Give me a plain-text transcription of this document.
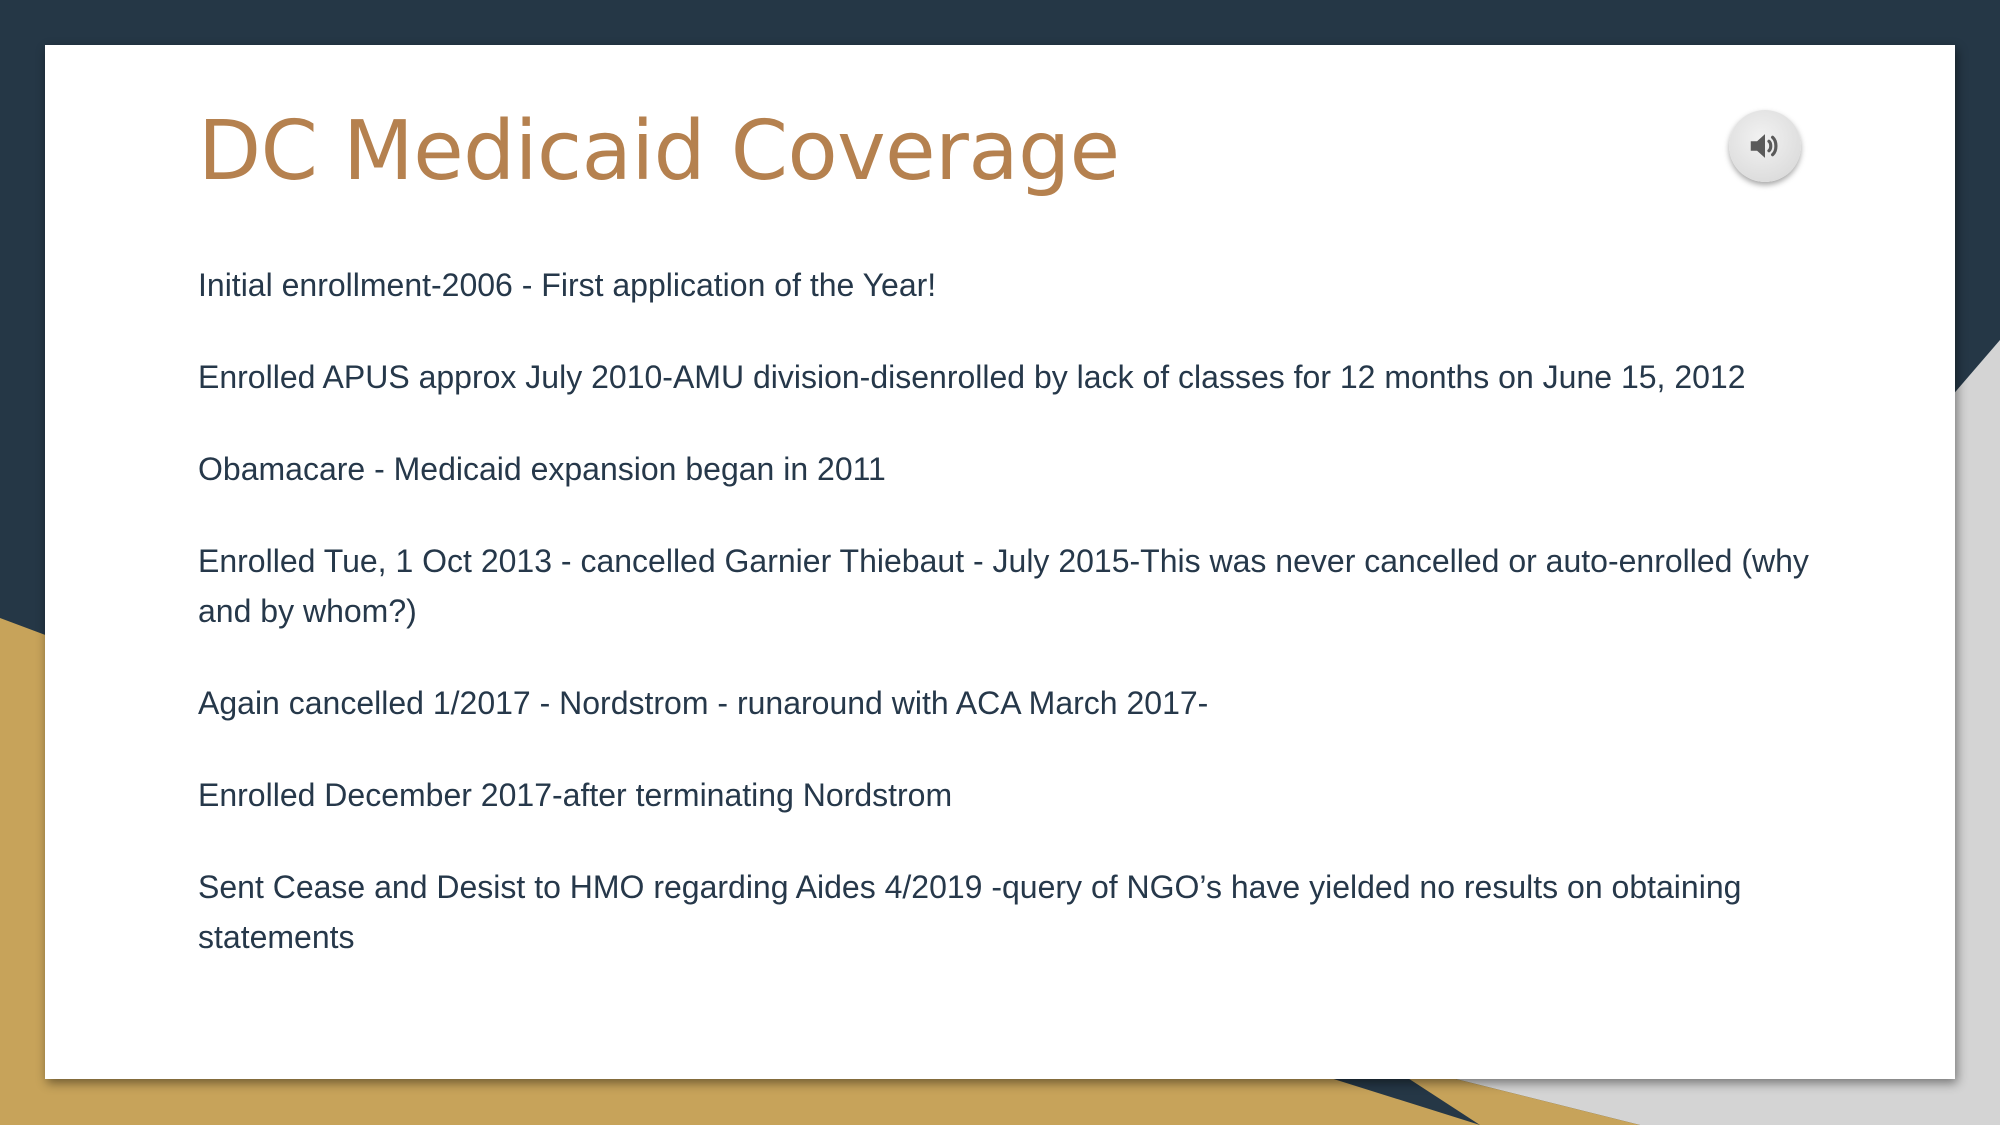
DC Medicaid Coverage

Initial enrollment-2006 - First application of the Year!

Enrolled APUS approx July 2010-AMU division-disenrolled by lack of classes for 12 months on June 15, 2012

Obamacare - Medicaid expansion began in 2011

Enrolled Tue, 1 Oct 2013 - cancelled Garnier Thiebaut - July 2015-This was never cancelled or auto-enrolled (why and by whom?)

Again cancelled 1/2017 - Nordstrom - runaround with ACA March 2017-

Enrolled December 2017-after terminating Nordstrom

Sent Cease and Desist to HMO regarding Aides 4/2019 -query of NGO’s have yielded no results on obtaining statements
